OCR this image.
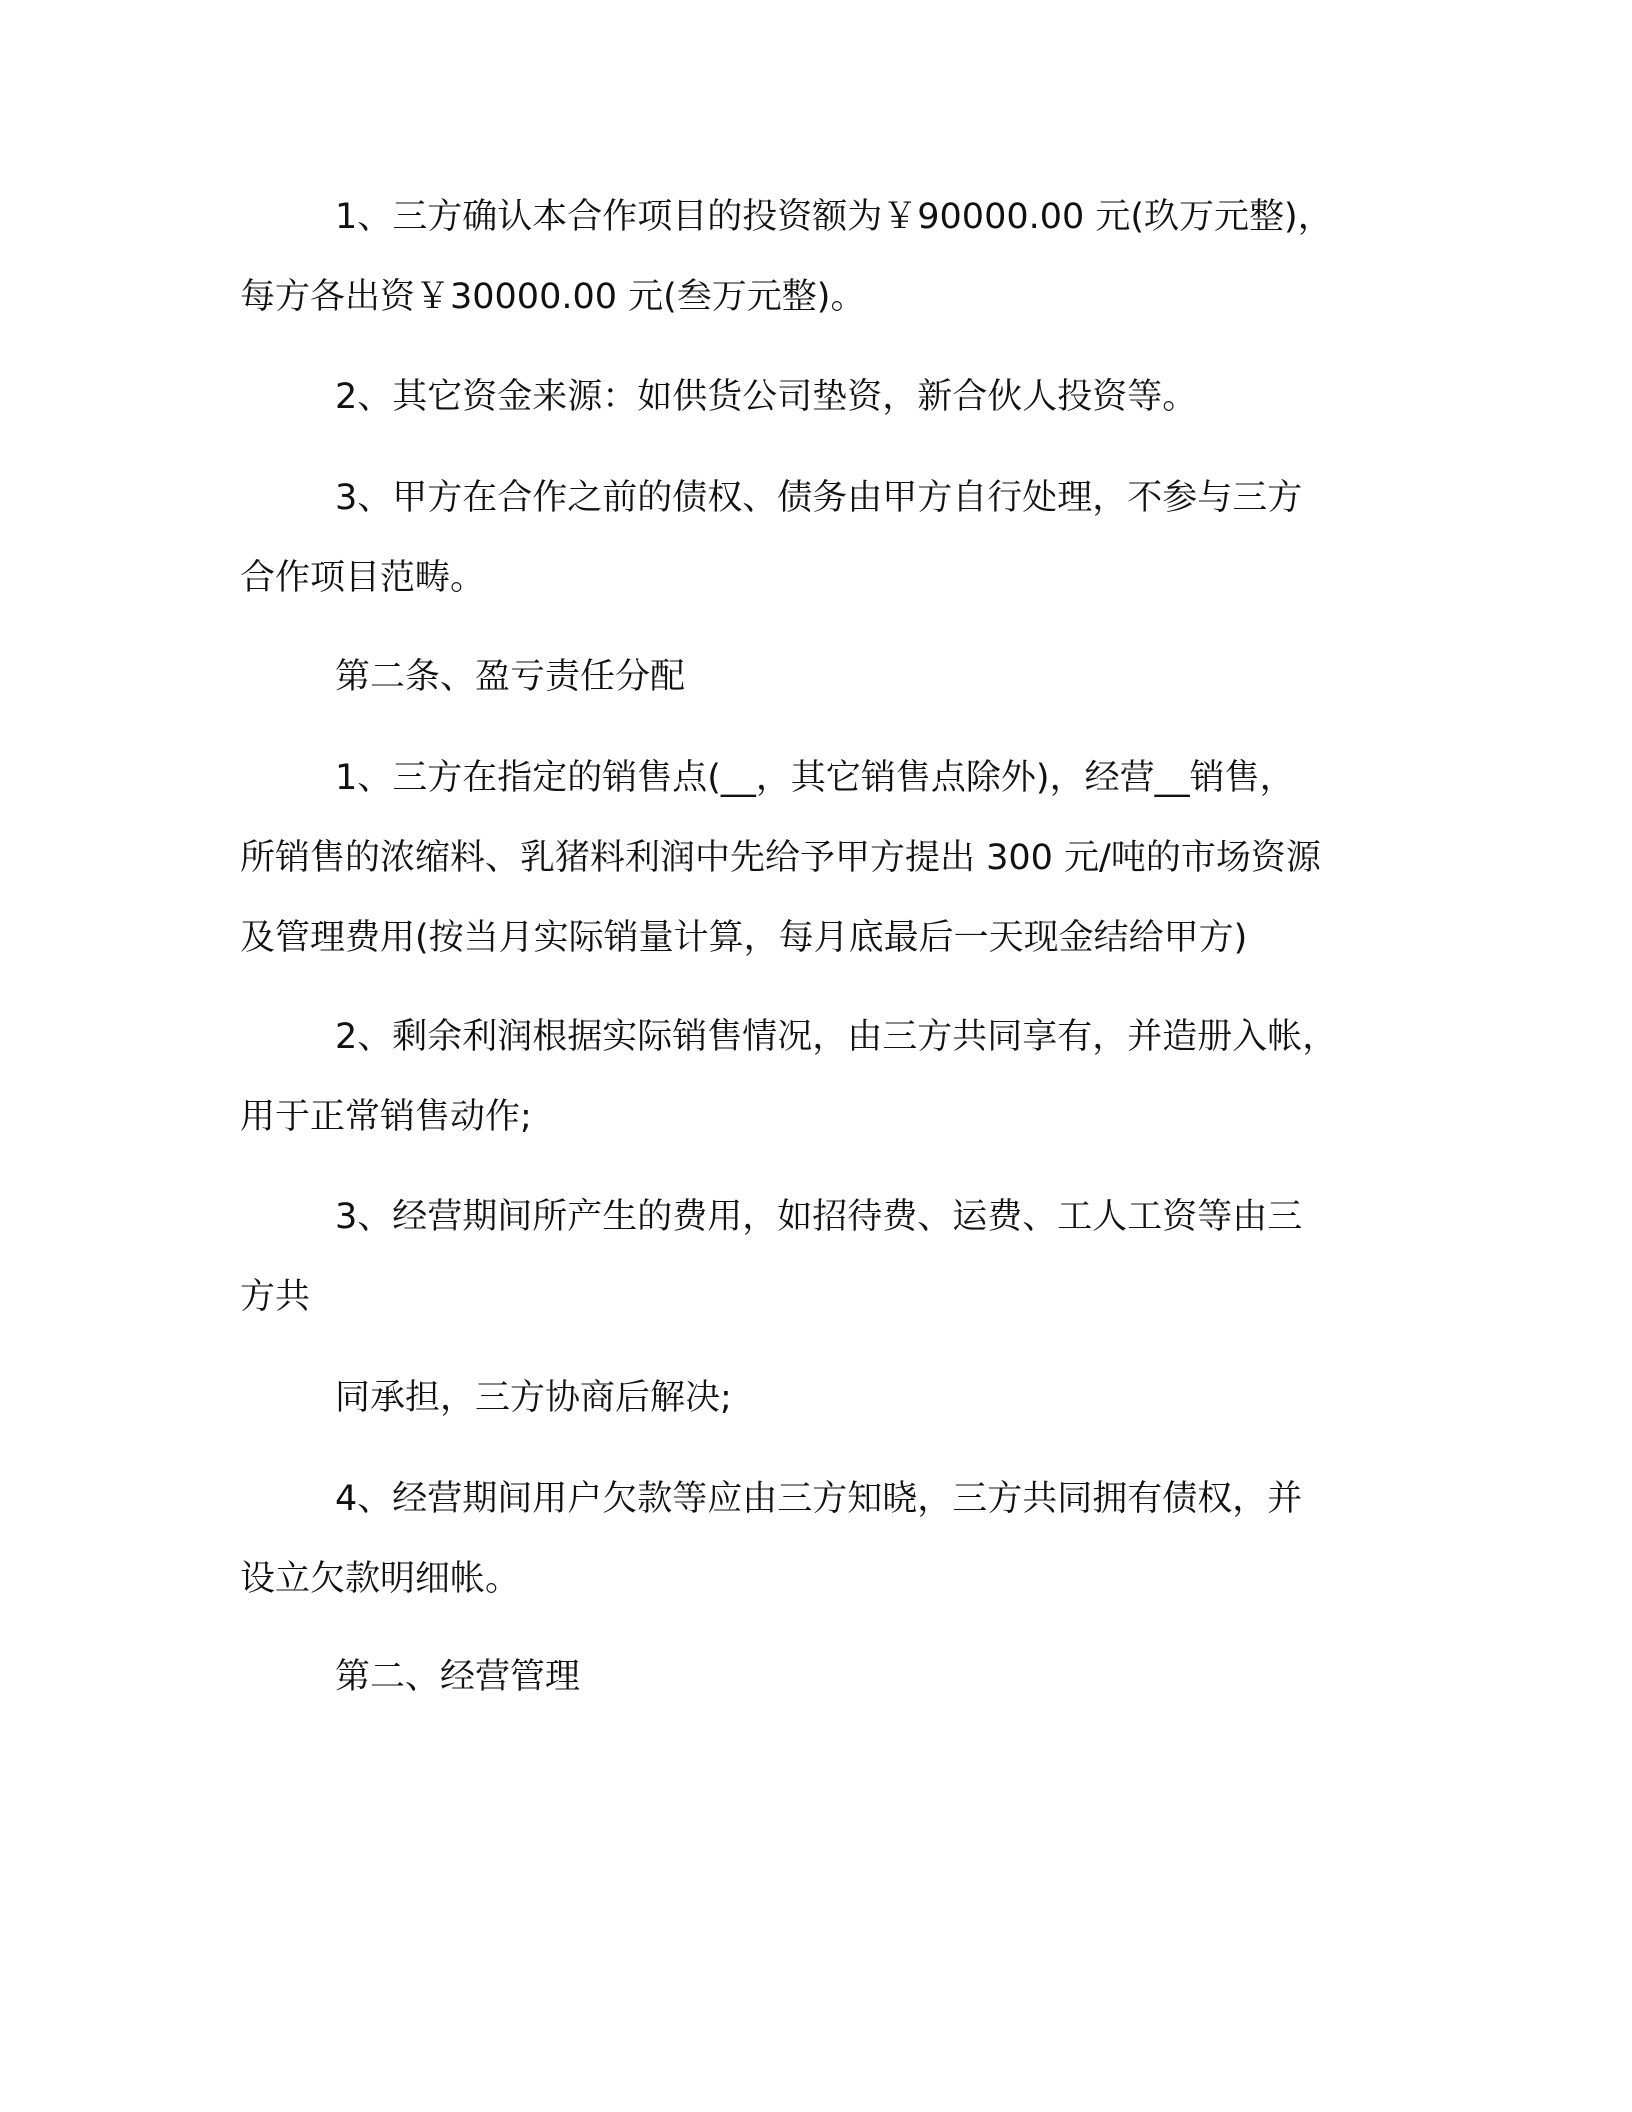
1、三方确认本合作项目的投资额为￥90000.00 元(玖万元整)，
每方各出资￥30000.00 元(叁万元整)。

2、其它资金来源：如供货公司垫资，新合伙人投资等。

3、甲方在合作之前的债权、债务由甲方自行处理，不参与三方
合作项目范畴。

第二条、盈亏责任分配

1、三方在指定的销售点(__，其它销售点除外)，经营__销售，
所销售的浓缩料、乳猪料利润中先给予甲方提出 300 元/吨的市场资源
及管理费用(按当月实际销量计算，每月底最后一天现金结给甲方)

2、剩余利润根据实际销售情况，由三方共同享有，并造册入帐，
用于正常销售动作;

3、经营期间所产生的费用，如招待费、运费、工人工资等由三
方共

同承担，三方协商后解决;

4、经营期间用户欠款等应由三方知晓，三方共同拥有债权，并
设立欠款明细帐。

第二、经营管理
